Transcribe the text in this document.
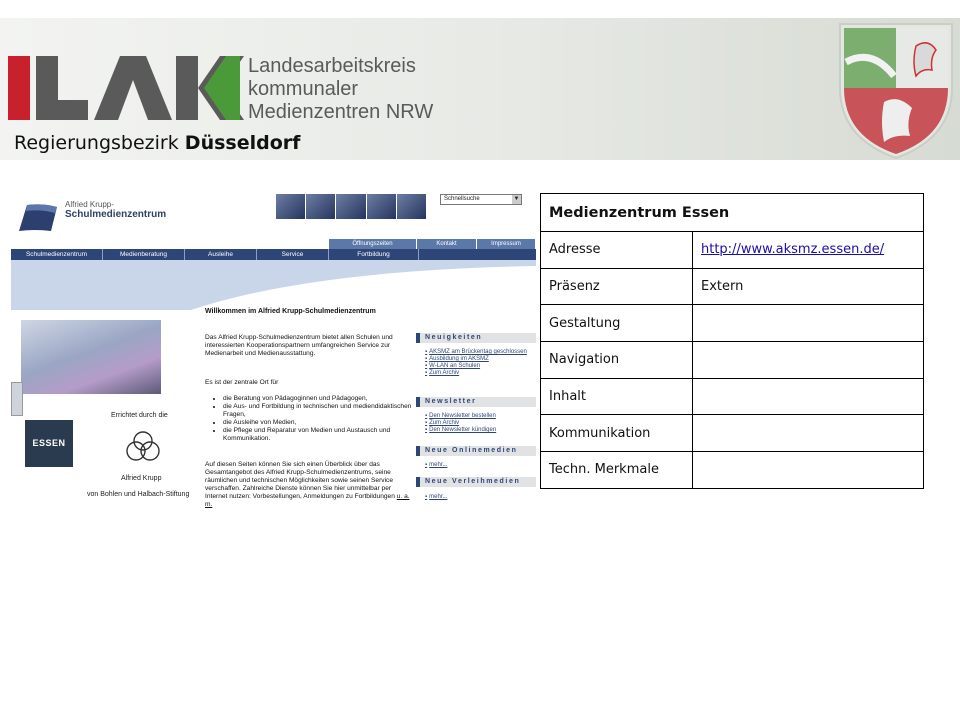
Landesarbeitskreis
kommunaler
Medienzentren NRW
Regierungsbezirk Düsseldorf
Alfried Krupp-
Schulmedienzentrum
Schnellsuche	▼
Öffnungszeiten	Kontakt	Impressum
Schulmedienzentrum	Medienberatung	Ausleihe	Service	Fortbildung
ESSEN
Errichtet durch die
Alfried Krupp
von Bohlen und Halbach-Stiftung
Willkommen im Alfried Krupp-Schulmedienzentrum
Das Alfried Krupp-Schulmedienzentrum bietet allen Schulen und interessierten Kooperationspartnern umfangreichen Service zur Medienarbeit und Medienausstattung.
Es ist der zentrale Ort für
• die Beratung von Pädagoginnen und Pädagogen,
• die Aus- und Fortbildung in technischen und mediendidaktischen Fragen,
• die Ausleihe von Medien,
• die Pflege und Reparatur von Medien und Austausch und Kommunikation.
Auf diesen Seiten können Sie sich einen Überblick über das Gesamtangebot des Alfried Krupp-Schulmedienzentrums, seine räumlichen und technischen Möglichkeiten sowie seinen Service verschaffen. Zahlreiche Dienste können Sie hier unmittelbar per Internet nutzen: Vorbestellungen, Anmeldungen zu Fortbildungen u. a. m.
Neuigkeiten
▪ AKSMZ am Brückentag geschlossen
▪ Ausbildung im AKSMZ
▪ W-LAN an Schulen
▪ Zum Archiv
Newsletter
▪ Den Newsletter bestellen
▪ Zum Archiv
▪ Den Newsletter kündigen
Neue Onlinemedien
▪ mehr...
Neue Verleihmedien
▪ mehr...
Medienzentrum Essen	
Adresse	http://www.aksmz.essen.de/
Präsenz	Extern
Gestaltung	
Navigation	
Inhalt	
Kommunikation	
Techn. Merkmale	
